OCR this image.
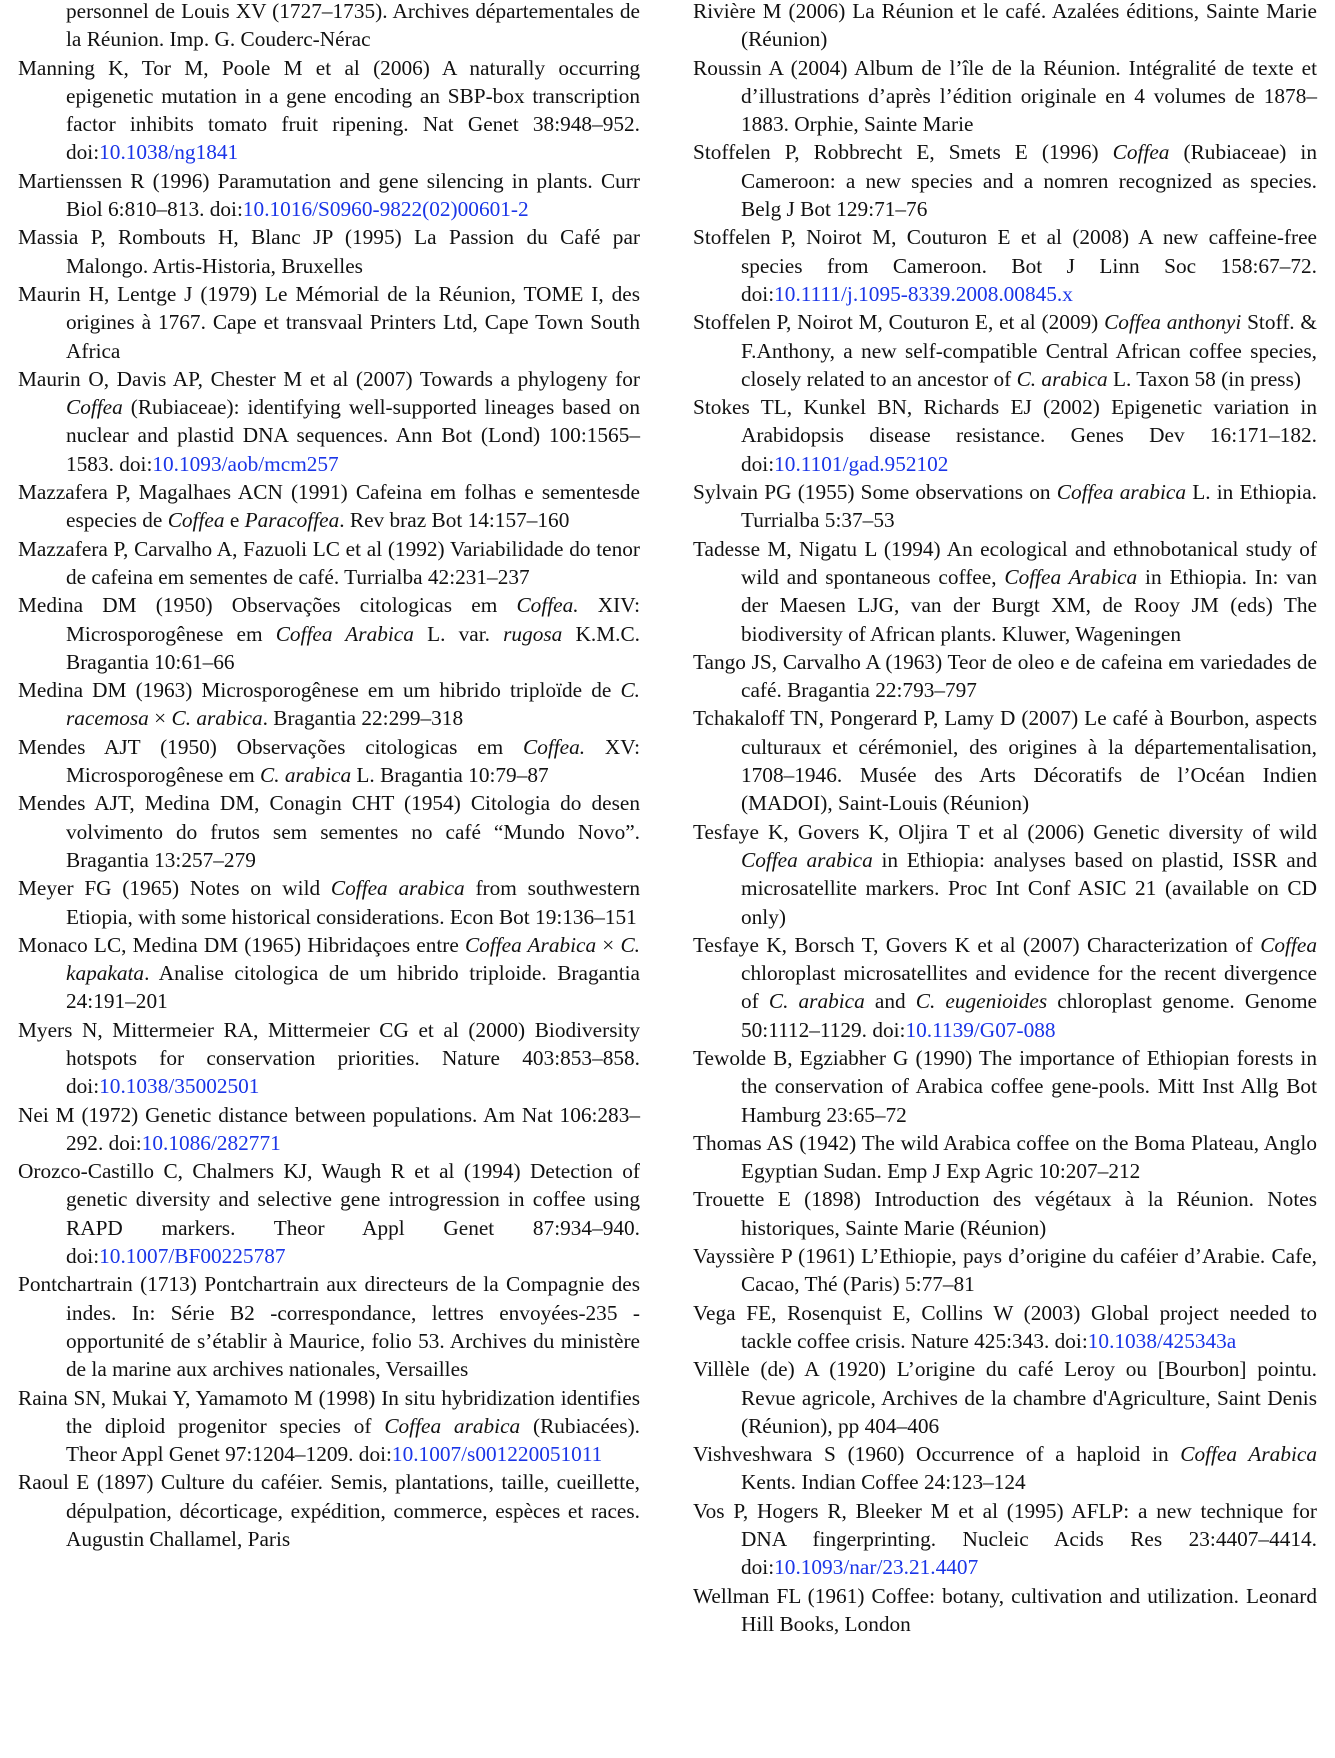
personnel de Louis XV (1727–1735). Archives départementales de la Réunion. Imp. G. Couderc-Nérac

Manning K, Tor M, Poole M et al (2006) A naturally occurring epigenetic mutation in a gene encoding an SBP-box transcription factor inhibits tomato fruit ripening. Nat Genet 38:948–952. doi:10.1038/ng1841

Martienssen R (1996) Paramutation and gene silencing in plants. Curr Biol 6:810–813. doi:10.1016/S0960-9822(02)00601-2

Massia P, Rombouts H, Blanc JP (1995) La Passion du Café par Malongo. Artis-Historia, Bruxelles

Maurin H, Lentge J (1979) Le Mémorial de la Réunion, TOME I, des origines à 1767. Cape et transvaal Printers Ltd, Cape Town South Africa

Maurin O, Davis AP, Chester M et al (2007) Towards a phylogeny for Coffea (Rubiaceae): identifying well-supported lineages based on nuclear and plastid DNA sequences. Ann Bot (Lond) 100:1565–1583. doi:10.1093/aob/mcm257

Mazzafera P, Magalhaes ACN (1991) Cafeina em folhas e sementesde especies de Coffea e Paracoffea. Rev braz Bot 14:157–160

Mazzafera P, Carvalho A, Fazuoli LC et al (1992) Variabilidade do tenor de cafeina em sementes de café. Turrialba 42:231–237

Medina DM (1950) Observações citologicas em Coffea. XIV: Microsporogênese em Coffea Arabica L. var. rugosa K.M.C. Bragantia 10:61–66

Medina DM (1963) Microsporogênese em um hibrido triploïde de C. racemosa × C. arabica. Bragantia 22:299–318

Mendes AJT (1950) Observações citologicas em Coffea. XV: Microsporogênese em C. arabica L. Bragantia 10:79–87

Mendes AJT, Medina DM, Conagin CHT (1954) Citologia do desen volvimento do frutos sem sementes no café “Mundo Novo”. Bragantia 13:257–279

Meyer FG (1965) Notes on wild Coffea arabica from southwestern Etiopia, with some historical considerations. Econ Bot 19:136–151

Monaco LC, Medina DM (1965) Hibridaçoes entre Coffea Arabica × C. kapakata. Analise citologica de um hibrido triploide. Bragantia 24:191–201

Myers N, Mittermeier RA, Mittermeier CG et al (2000) Biodiversity hotspots for conservation priorities. Nature 403:853–858. doi:10.1038/35002501

Nei M (1972) Genetic distance between populations. Am Nat 106:283–292. doi:10.1086/282771

Orozco-Castillo C, Chalmers KJ, Waugh R et al (1994) Detection of genetic diversity and selective gene introgression in coffee using RAPD markers. Theor Appl Genet 87:934–940. doi:10.1007/BF00225787

Pontchartrain (1713) Pontchartrain aux directeurs de la Compagnie des indes. In: Série B2 -correspondance, lettres envoyées-235 -opportunité de s’établir à Maurice, folio 53. Archives du ministère de la marine aux archives nationales, Versailles

Raina SN, Mukai Y, Yamamoto M (1998) In situ hybridization identifies the diploid progenitor species of Coffea arabica (Rubiacées). Theor Appl Genet 97:1204–1209. doi:10.1007/s001220051011

Raoul E (1897) Culture du caféier. Semis, plantations, taille, cueillette, dépulpation, décorticage, expédition, commerce, espèces et races. Augustin Challamel, Paris

Rivière M (2006) La Réunion et le café. Azalées éditions, Sainte Marie (Réunion)

Roussin A (2004) Album de l’île de la Réunion. Intégralité de texte et d’illustrations d’après l’édition originale en 4 volumes de 1878–1883. Orphie, Sainte Marie

Stoffelen P, Robbrecht E, Smets E (1996) Coffea (Rubiaceae) in Cameroon: a new species and a nomren recognized as species. Belg J Bot 129:71–76

Stoffelen P, Noirot M, Couturon E et al (2008) A new caffeine-free species from Cameroon. Bot J Linn Soc 158:67–72. doi:10.1111/j.1095-8339.2008.00845.x

Stoffelen P, Noirot M, Couturon E, et al (2009) Coffea anthonyi Stoff. & F.Anthony, a new self-compatible Central African coffee species, closely related to an ancestor of C. arabica L. Taxon 58 (in press)

Stokes TL, Kunkel BN, Richards EJ (2002) Epigenetic variation in Arabidopsis disease resistance. Genes Dev 16:171–182. doi:10.1101/gad.952102

Sylvain PG (1955) Some observations on Coffea arabica L. in Ethiopia. Turrialba 5:37–53

Tadesse M, Nigatu L (1994) An ecological and ethnobotanical study of wild and spontaneous coffee, Coffea Arabica in Ethiopia. In: van der Maesen LJG, van der Burgt XM, de Rooy JM (eds) The biodiversity of African plants. Kluwer, Wageningen

Tango JS, Carvalho A (1963) Teor de oleo e de cafeina em variedades de café. Bragantia 22:793–797

Tchakaloff TN, Pongerard P, Lamy D (2007) Le café à Bourbon, aspects culturaux et cérémoniel, des origines à la départementalisation, 1708–1946. Musée des Arts Décoratifs de l’Océan Indien (MADOI), Saint-Louis (Réunion)

Tesfaye K, Govers K, Oljira T et al (2006) Genetic diversity of wild Coffea arabica in Ethiopia: analyses based on plastid, ISSR and microsatellite markers. Proc Int Conf ASIC 21 (available on CD only)

Tesfaye K, Borsch T, Govers K et al (2007) Characterization of Coffea chloroplast microsatellites and evidence for the recent divergence of C. arabica and C. eugenioides chloroplast genome. Genome 50:1112–1129. doi:10.1139/G07-088

Tewolde B, Egziabher G (1990) The importance of Ethiopian forests in the conservation of Arabica coffee gene-pools. Mitt Inst Allg Bot Hamburg 23:65–72

Thomas AS (1942) The wild Arabica coffee on the Boma Plateau, Anglo Egyptian Sudan. Emp J Exp Agric 10:207–212

Trouette E (1898) Introduction des végétaux à la Réunion. Notes historiques, Sainte Marie (Réunion)

Vayssière P (1961) L’Ethiopie, pays d’origine du caféier d’Arabie. Cafe, Cacao, Thé (Paris) 5:77–81

Vega FE, Rosenquist E, Collins W (2003) Global project needed to tackle coffee crisis. Nature 425:343. doi:10.1038/425343a

Villèle (de) A (1920) L’origine du café Leroy ou [Bourbon] pointu. Revue agricole, Archives de la chambre d'Agriculture, Saint Denis (Réunion), pp 404–406

Vishveshwara S (1960) Occurrence of a haploid in Coffea Arabica Kents. Indian Coffee 24:123–124

Vos P, Hogers R, Bleeker M et al (1995) AFLP: a new technique for DNA fingerprinting. Nucleic Acids Res 23:4407–4414. doi:10.1093/nar/23.21.4407

Wellman FL (1961) Coffee: botany, cultivation and utilization. Leonard Hill Books, London
